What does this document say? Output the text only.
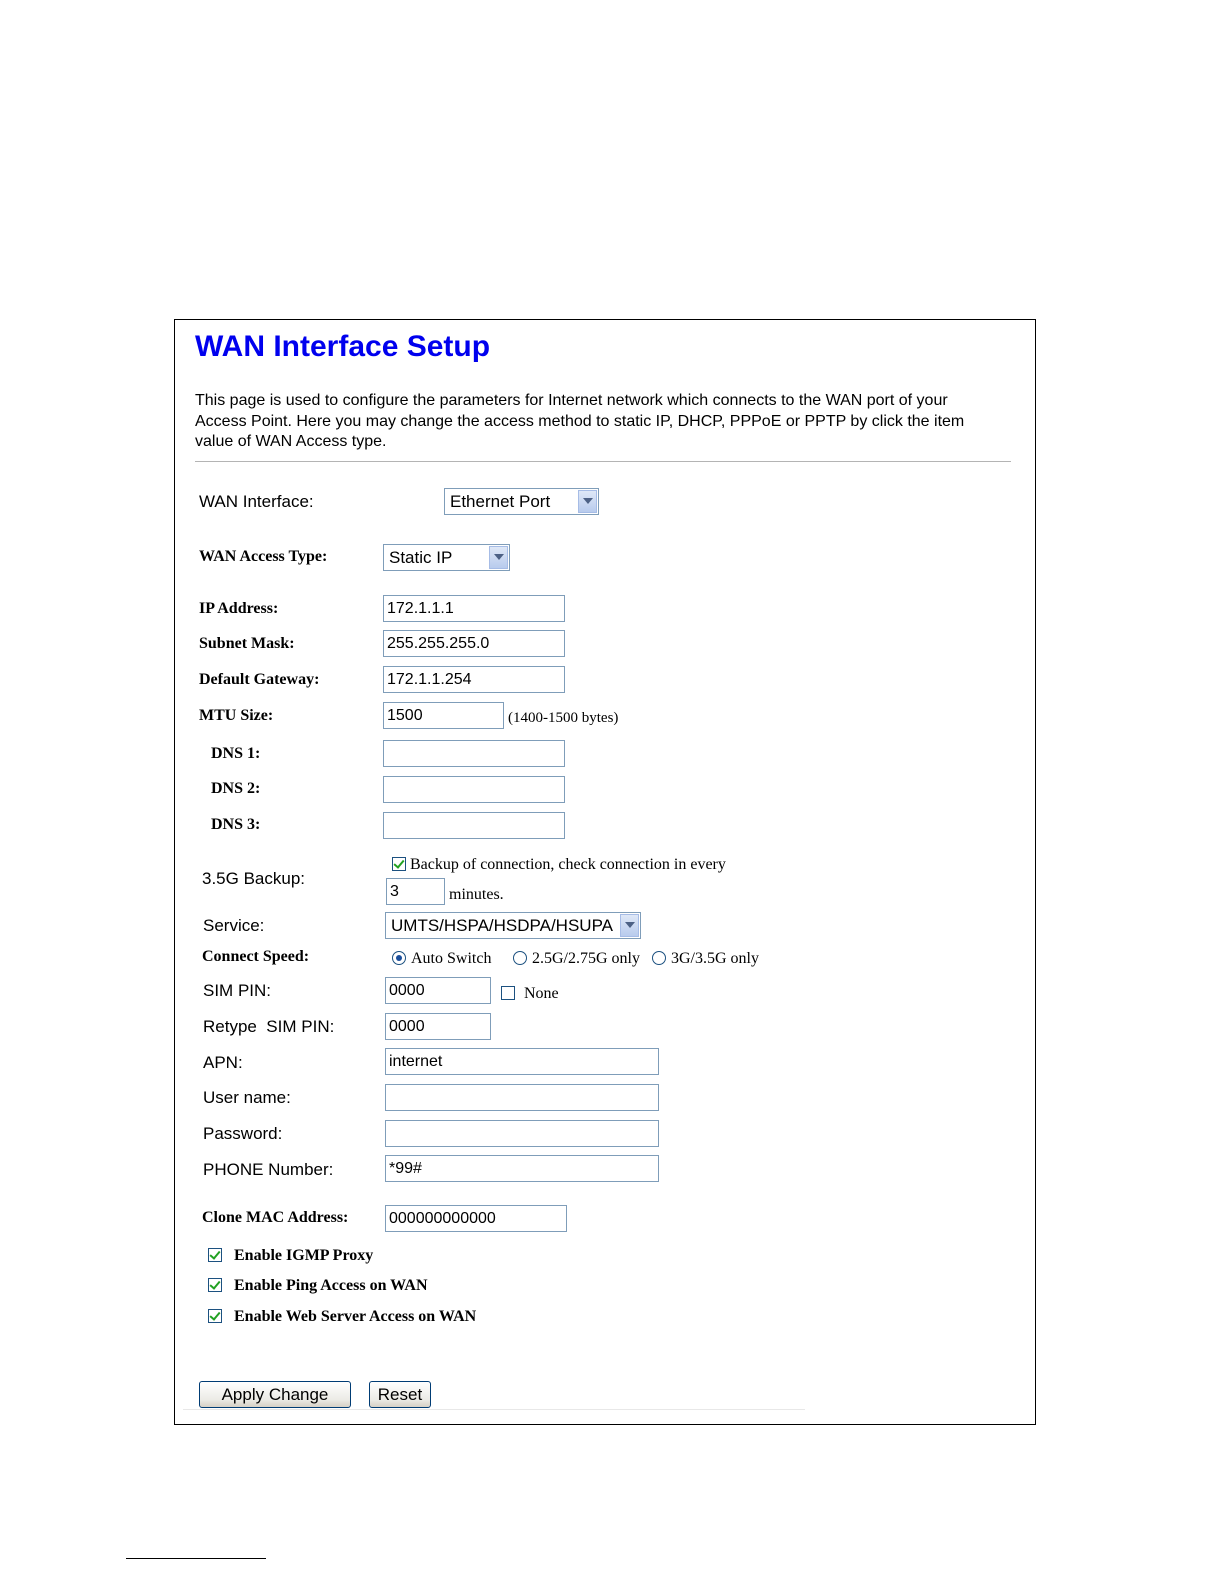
WAN Interface Setup
This page is used to configure the parameters for Internet network which connects to the WAN port of your Access Point. Here you may change the access method to static IP, DHCP, PPPoE or PPTP by click the item value of WAN Access type.
WAN Interface:	Ethernet Port
WAN Access Type:	Static IP
IP Address:	172.1.1.1
Subnet Mask:	255.255.255.0
Default Gateway:	172.1.1.254
MTU Size:	1500	(1400-1500 bytes)
DNS 1:
DNS 2:
DNS 3:
3.5G Backup:
Backup of connection, check connection in every
3	minutes.
Service:	UMTS/HSPA/HSDPA/HSUPA
Connect Speed:	Auto Switch	2.5G/2.75G only 3G/3.5G only
SIM PIN:	0000	None
Retype  SIM PIN:	0000
APN:	internet
User name:
Password:
PHONE Number:	*99#
Clone MAC Address:	000000000000
Enable IGMP Proxy
Enable Ping Access on WAN
Enable Web Server Access on WAN
Apply Change	Reset
